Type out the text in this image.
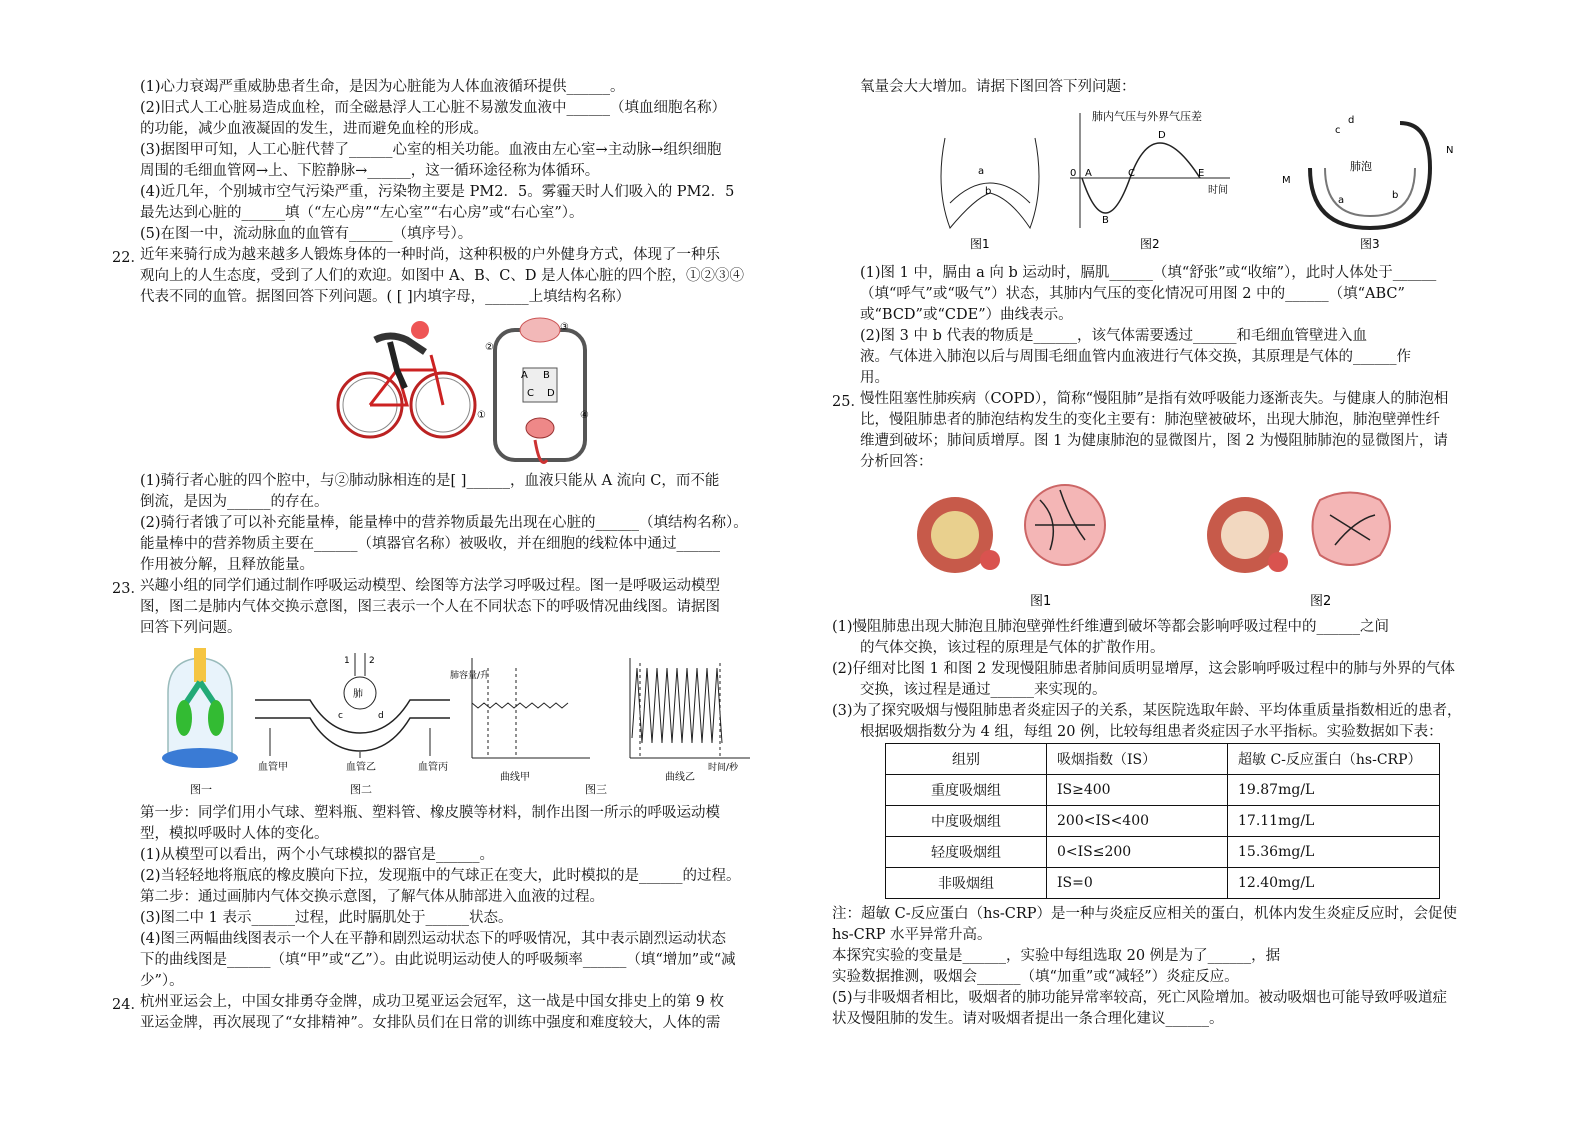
(1)心力衰竭严重威胁患者生命，是因为心脏能为人体血液循环提供______。
(2)旧式人工心脏易造成血栓，而全磁悬浮人工心脏不易激发血液中______（填血细胞名称）
的功能，减少血液凝固的发生，进而避免血栓的形成。
(3)据图甲可知，人工心脏代替了______心室的相关功能。血液由左心室→主动脉→组织细胞
周围的毛细血管网→上、下腔静脉→______，这一循环途径称为体循环。
(4)近几年，个别城市空气污染严重，污染物主要是 PM2．5。雾霾天时人们吸入的 PM2．5
最先达到心脏的______填（“左心房”“左心室”“右心房”或“右心室”）。
(5)在图一中，流动脉血的血管有______（填序号）。
22．
近年来骑行成为越来越多人锻炼身体的一种时尚，这种积极的户外健身方式，体现了一种乐
观向上的人生态度，受到了人们的欢迎。如图中 A、B、C、D 是人体心脏的四个腔，①②③④
代表不同的血管。据图回答下列问题。( [ ]内填字母，______上填结构名称）
A B
C D
①
②
③
④
(1)骑行者心脏的四个腔中，与②肺动脉相连的是[ ]______，血液只能从 A 流向 C，而不能
倒流，是因为______的存在。
(2)骑行者饿了可以补充能量棒，能量棒中的营养物质最先出现在心脏的______（填结构名称）。
能量棒中的营养物质主要在______（填器官名称）被吸收，并在细胞的线粒体中通过______
作用被分解，且释放能量。
23．
兴趣小组的同学们通过制作呼吸运动模型、绘图等方法学习呼吸过程。图一是呼吸运动模型
图，图二是肺内气体交换示意图，图三表示一个人在不同状态下的呼吸情况曲线图。请据图
回答下列问题。
图一
肺
1 2
c	d
血管甲	血管乙	血管丙
图二
肺容量/升
曲线甲
时间/秒
曲线乙
图三
第一步：同学们用小气球、塑料瓶、塑料管、橡皮膜等材料，制作出图一所示的呼吸运动模
型，模拟呼吸时人体的变化。
(1)从模型可以看出，两个小气球模拟的器官是______。
(2)当轻轻地将瓶底的橡皮膜向下拉，发现瓶中的气球正在变大，此时模拟的是______的过程。
第二步：通过画肺内气体交换示意图，了解气体从肺部进入血液的过程。
(3)图二中 1 表示______过程，此时膈肌处于______状态。
(4)图三两幅曲线图表示一个人在平静和剧烈运动状态下的呼吸情况，其中表示剧烈运动状态
下的曲线图是______（填“甲”或“乙”）。由此说明运动使人的呼吸频率______（填“增加”或“减
少”）。
24．
杭州亚运会上，中国女排勇夺金牌，成功卫冕亚运会冠军，这一战是中国女排史上的第 9 枚
亚运金牌，再次展现了“女排精神”。女排队员们在日常的训练中强度和难度较大，人体的需
氧量会大大增加。请据下图回答下列问题：
a
b
图1
肺内气压与外界气压差
0 A
B
C
D
E
时间
图2
肺泡
M
N
c
d
a	b
图3
(1)图 1 中，膈由 a 向 b 运动时，膈肌______（填“舒张”或“收缩”），此时人体处于______
（填“呼气”或“吸气”）状态，其肺内气压的变化情况可用图 2 中的______（填“ABC”
或“BCD”或“CDE”）曲线表示。
(2)图 3 中 b 代表的物质是______，该气体需要透过______和毛细血管壁进入血
液。气体进入肺泡以后与周围毛细血管内血液进行气体交换，其原理是气体的______作
用。
25．
慢性阻塞性肺疾病（COPD），简称“慢阻肺”是指有效呼吸能力逐渐丧失。与健康人的肺泡相
比，慢阻肺患者的肺泡结构发生的变化主要有：肺泡壁被破坏，出现大肺泡，肺泡壁弹性纤
维遭到破坏；肺间质增厚。图 1 为健康肺泡的显微图片，图 2 为慢阻肺肺泡的显微图片，请
分析回答：
图1	图2
(1)慢阻肺患出现大肺泡且肺泡壁弹性纤维遭到破坏等都会影响呼吸过程中的______之间
的气体交换，该过程的原理是气体的扩散作用。
(2)仔细对比图 1 和图 2 发现慢阻肺患者肺间质明显增厚，这会影响呼吸过程中的肺与外界的气体
交换，该过程是通过______来实现的。
(3)为了探究吸烟与慢阻肺患者炎症因子的关系，某医院选取年龄、平均体重质量指数相近的患者，
根据吸烟指数分为 4 组，每组 20 例，比较每组患者炎症因子水平指标。实验数据如下表：
组别	吸烟指数（IS）	超敏 C-反应蛋白（hs-CRP）
重度吸烟组	IS≥400	19.87mg/L
中度吸烟组	200<IS<400	17.11mg/L
轻度吸烟组	0<IS≤200	15.36mg/L
非吸烟组	IS=0	12.40mg/L
注：超敏 C-反应蛋白（hs-CRP）是一种与炎症反应相关的蛋白，机体内发生炎症反应时，会促使
hs-CRP 水平异常升高。
本探究实验的变量是______，实验中每组选取 20 例是为了______，据
实验数据推测，吸烟会______（填“加重”或“减轻”）炎症反应。
(5)与非吸烟者相比，吸烟者的肺功能异常率较高，死亡风险增加。被动吸烟也可能导致呼吸道症
状及慢阻肺的发生。请对吸烟者提出一条合理化建议______。
